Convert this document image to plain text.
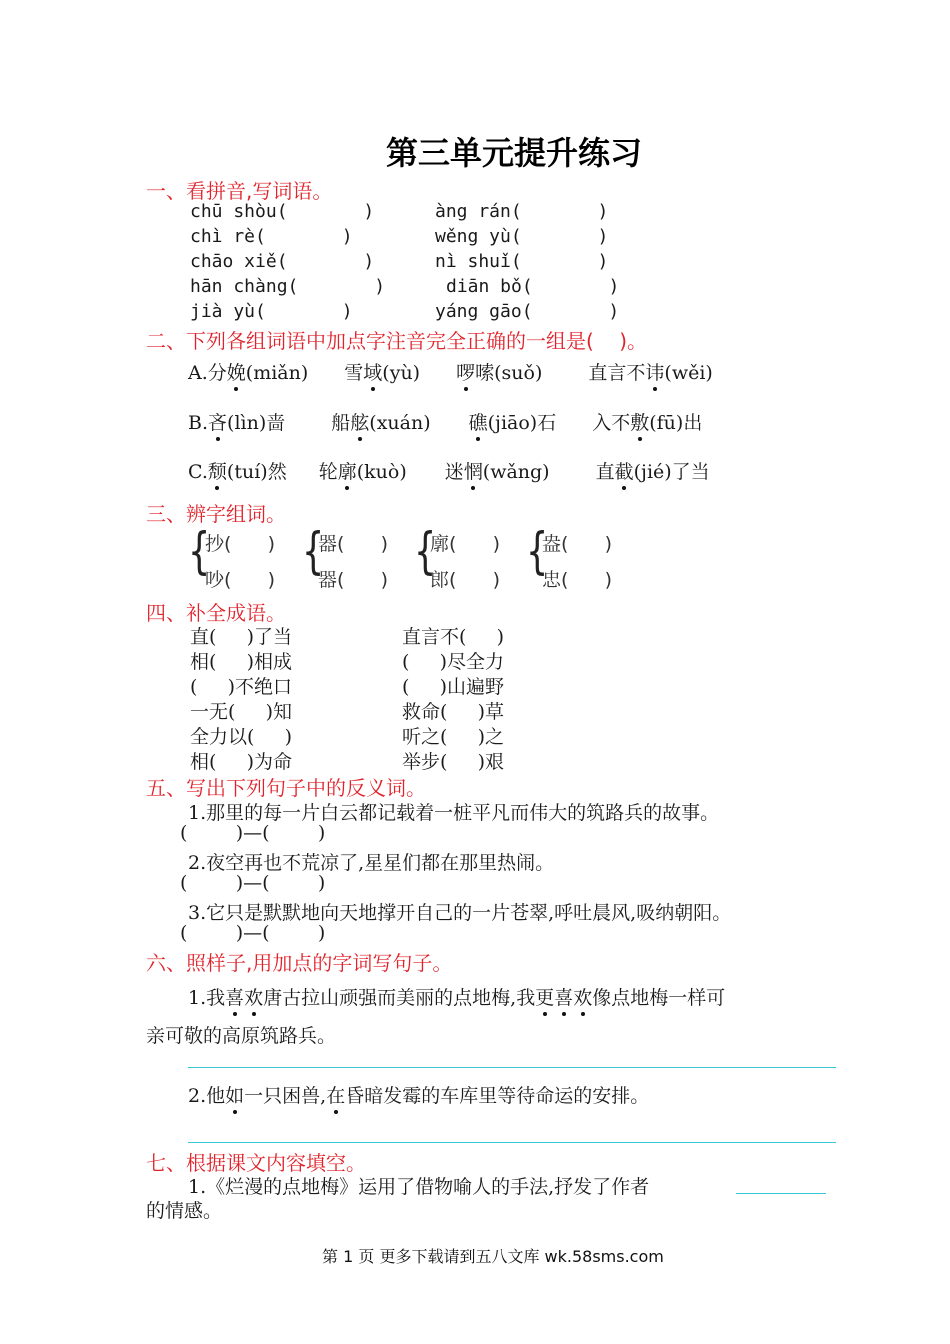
第三单元提升练习
一、看拼音,写词语。
chū shòu(       )	àng rán(       )
chì rè(       )	wěng yù(       )
chāo xiě(       )	nì shuǐ(       )
hān chàng(       )	diān bǒ(       )
jià yù(       )	yáng gāo(       )
二、下列各组词语中加点字注音完全正确的一组是(    )。
A.分娩(miǎn) 雪域(yù) 啰嗦(suǒ) 直言不讳(wěi)
B.吝(lìn)啬 船舷(xuán) 礁(jiāo)石 入不敷(fū)出
C.颓(tuí)然 轮廓(kuò) 迷惘(wǎng) 直截(jié)了当
三、辨字组词。
{
抄(      )
吵(      ) {
器(      )
器(      ) {
廓(      )
郎(      ) {
盎(      )
忠(      )
四、补全成语。
直(     )了当	直言不(     )
相(     )相成	(     )尽全力
(     )不绝口	(     )山遍野
一无(     )知	救命(     )草
全力以(     )	听之(     )之
相(     )为命	举步(     )艰
五、写出下列句子中的反义词。
1.那里的每一片白云都记载着一桩平凡而伟大的筑路兵的故事。
(        )—(        )
2.夜空再也不荒凉了,星星们都在那里热闹。
(        )—(        )
3.它只是默默地向天地撑开自己的一片苍翠,呼吐晨风,吸纳朝阳。
(        )—(        )
六、照样子,用加点的字词写句子。
1.我喜欢唐古拉山顽强而美丽的点地梅,我更喜欢像点地梅一样可
亲可敬的高原筑路兵。
2.他如一只困兽,在昏暗发霉的车库里等待命运的安排。
七、根据课文内容填空。
1.《烂漫的点地梅》运用了借物喻人的手法,抒发了作者
的情感。
第 1 页 更多下载请到五八文库 wk.58sms.com
